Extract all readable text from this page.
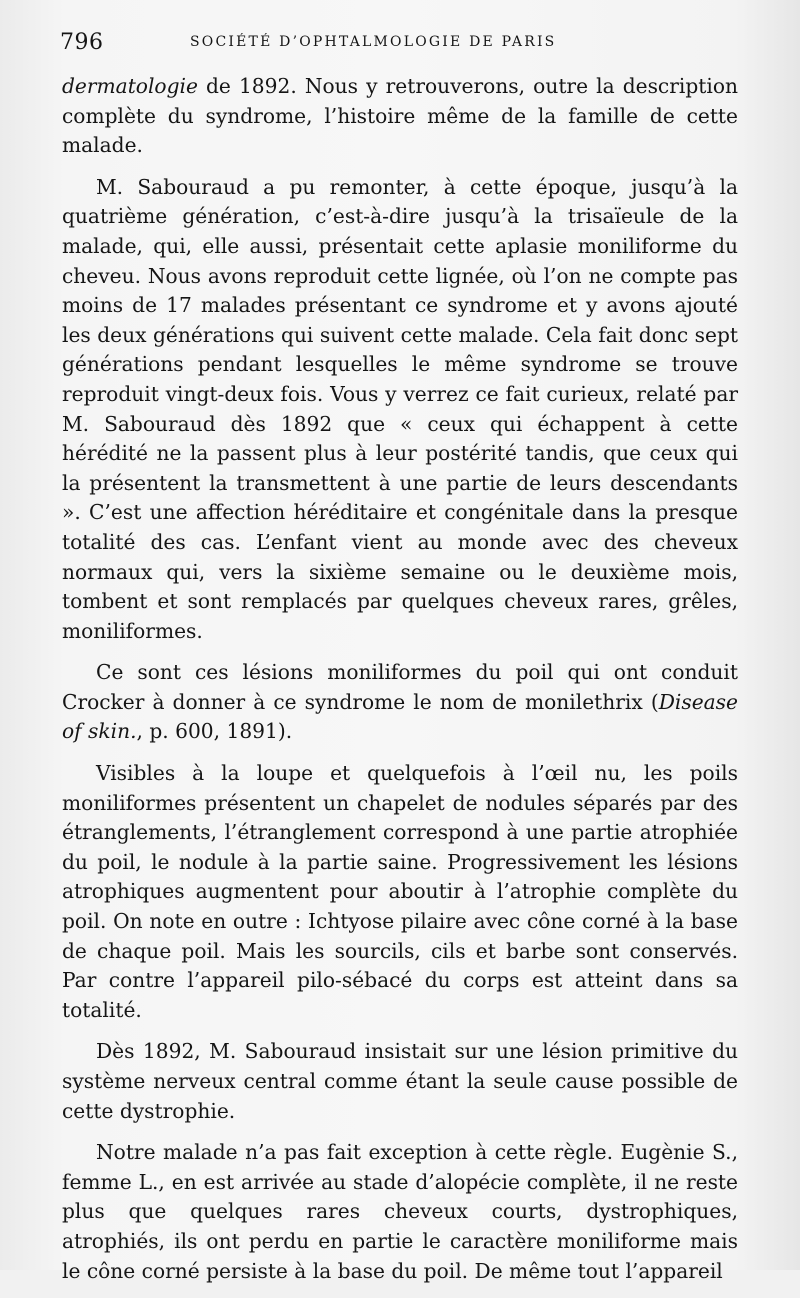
796	SOCIÉTÉ D’OPHTALMOLOGIE DE PARIS

dermatologie de 1892. Nous y retrouverons, outre la description complète du syndrome, l’histoire même de la famille de cette malade.

M. Sabouraud a pu remonter, à cette époque, jusqu’à la quatrième génération, c’est-à-dire jusqu’à la trisaïeule de la malade, qui, elle aussi, présentait cette aplasie moniliforme du cheveu. Nous avons reproduit cette lignée, où l’on ne compte pas moins de 17 malades présentant ce syndrome et y avons ajouté les deux générations qui suivent cette malade. Cela fait donc sept générations pendant lesquelles le même syndrome se trouve reproduit vingt-deux fois. Vous y verrez ce fait curieux, relaté par M. Sabouraud dès 1892 que « ceux qui échappent à cette hérédité ne la passent plus à leur postérité tandis, que ceux qui la présentent la transmettent à une partie de leurs descendants ». C’est une affection héréditaire et congénitale dans la presque totalité des cas. L’enfant vient au monde avec des cheveux normaux qui, vers la sixième semaine ou le deuxième mois, tombent et sont remplacés par quelques cheveux rares, grêles, moniliformes.

Ce sont ces lésions moniliformes du poil qui ont conduit Crocker à donner à ce syndrome le nom de monilethrix (Disease of skin., p. 600, 1891).

Visibles à la loupe et quelquefois à l’œil nu, les poils moniliformes présentent un chapelet de nodules séparés par des étranglements, l’étranglement correspond à une partie atrophiée du poil, le nodule à la partie saine. Progressivement les lésions atrophiques augmentent pour aboutir à l’atrophie complète du poil. On note en outre : Ichtyose pilaire avec cône corné à la base de chaque poil. Mais les sourcils, cils et barbe sont conservés. Par contre l’appareil pilo-sébacé du corps est atteint dans sa totalité.

Dès 1892, M. Sabouraud insistait sur une lésion primitive du système nerveux central comme étant la seule cause possible de cette dystrophie.

Notre malade n’a pas fait exception à cette règle. Eugènie S., femme L., en est arrivée au stade d’alopécie complète, il ne reste plus que quelques rares cheveux courts, dystrophiques, atrophiés, ils ont perdu en partie le caractère moniliforme mais le cône corné persiste à la base du poil. De même tout l’appareil
